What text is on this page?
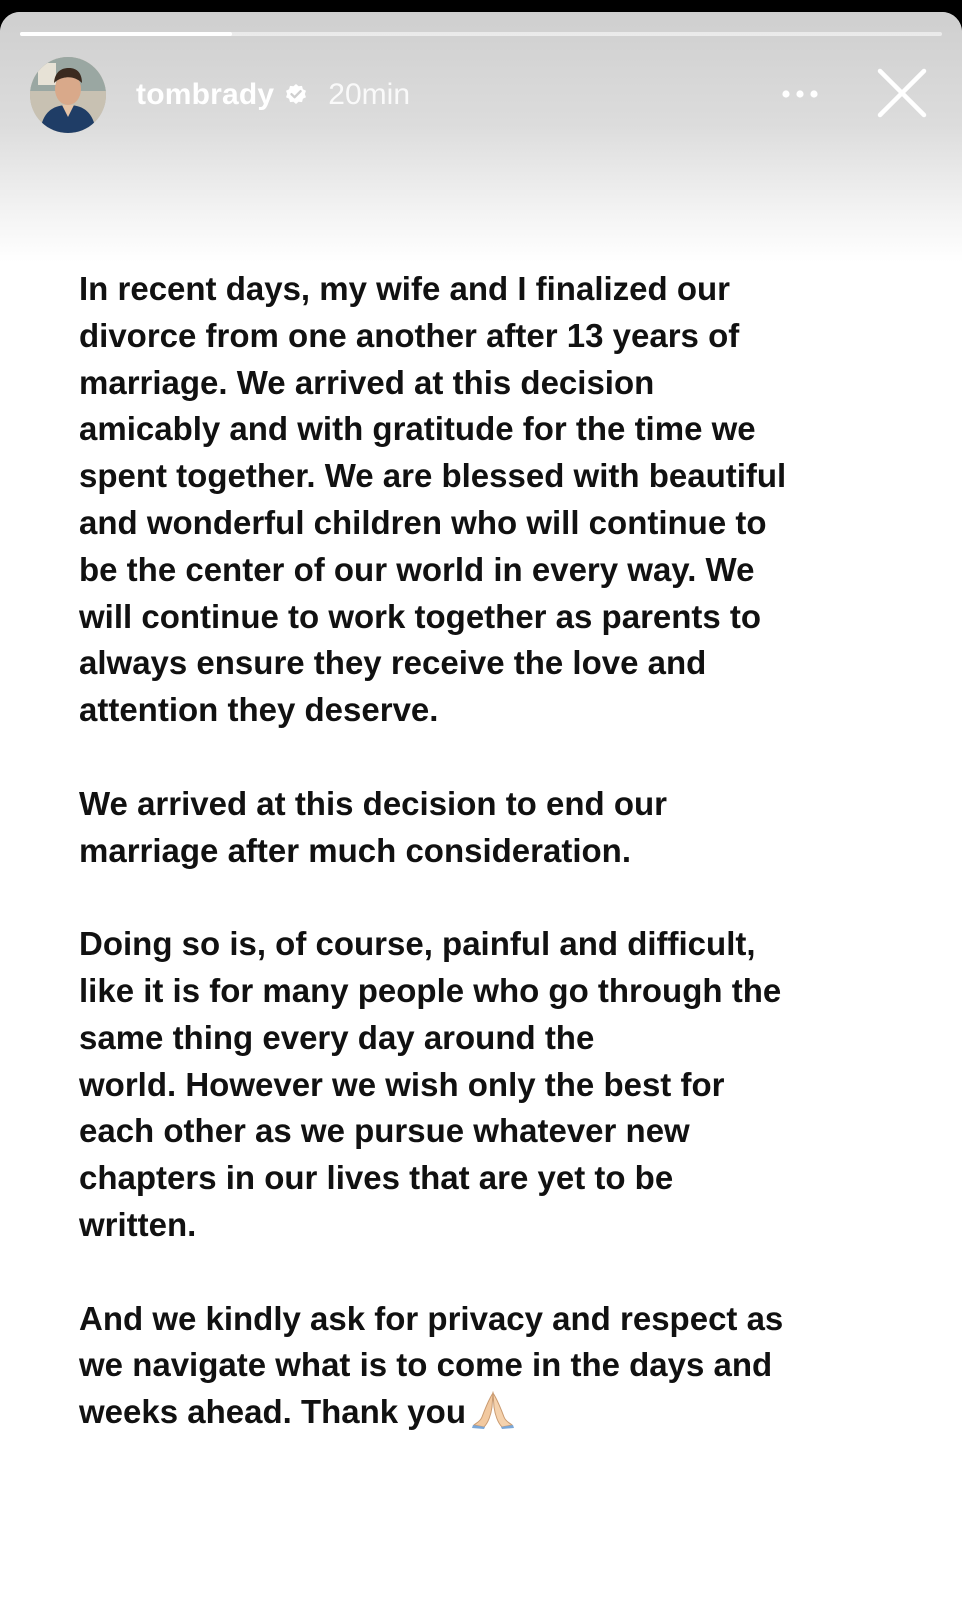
tombrady 20min

In recent days, my wife and I finalized our
divorce from one another after 13 years of
marriage. We arrived at this decision
amicably and with gratitude for the time we
spent together. We are blessed with beautiful
and wonderful children who will continue to
be the center of our world in every way. We
will continue to work together as parents to
always ensure they receive the love and
attention they deserve.

We arrived at this decision to end our
marriage after much consideration.

Doing so is, of course, painful and difficult,
like it is for many people who go through the
same thing every day around the
world. However we wish only the best for
each other as we pursue whatever new
chapters in our lives that are yet to be
written.

And we kindly ask for privacy and respect as
we navigate what is to come in the days and
weeks ahead. Thank you
